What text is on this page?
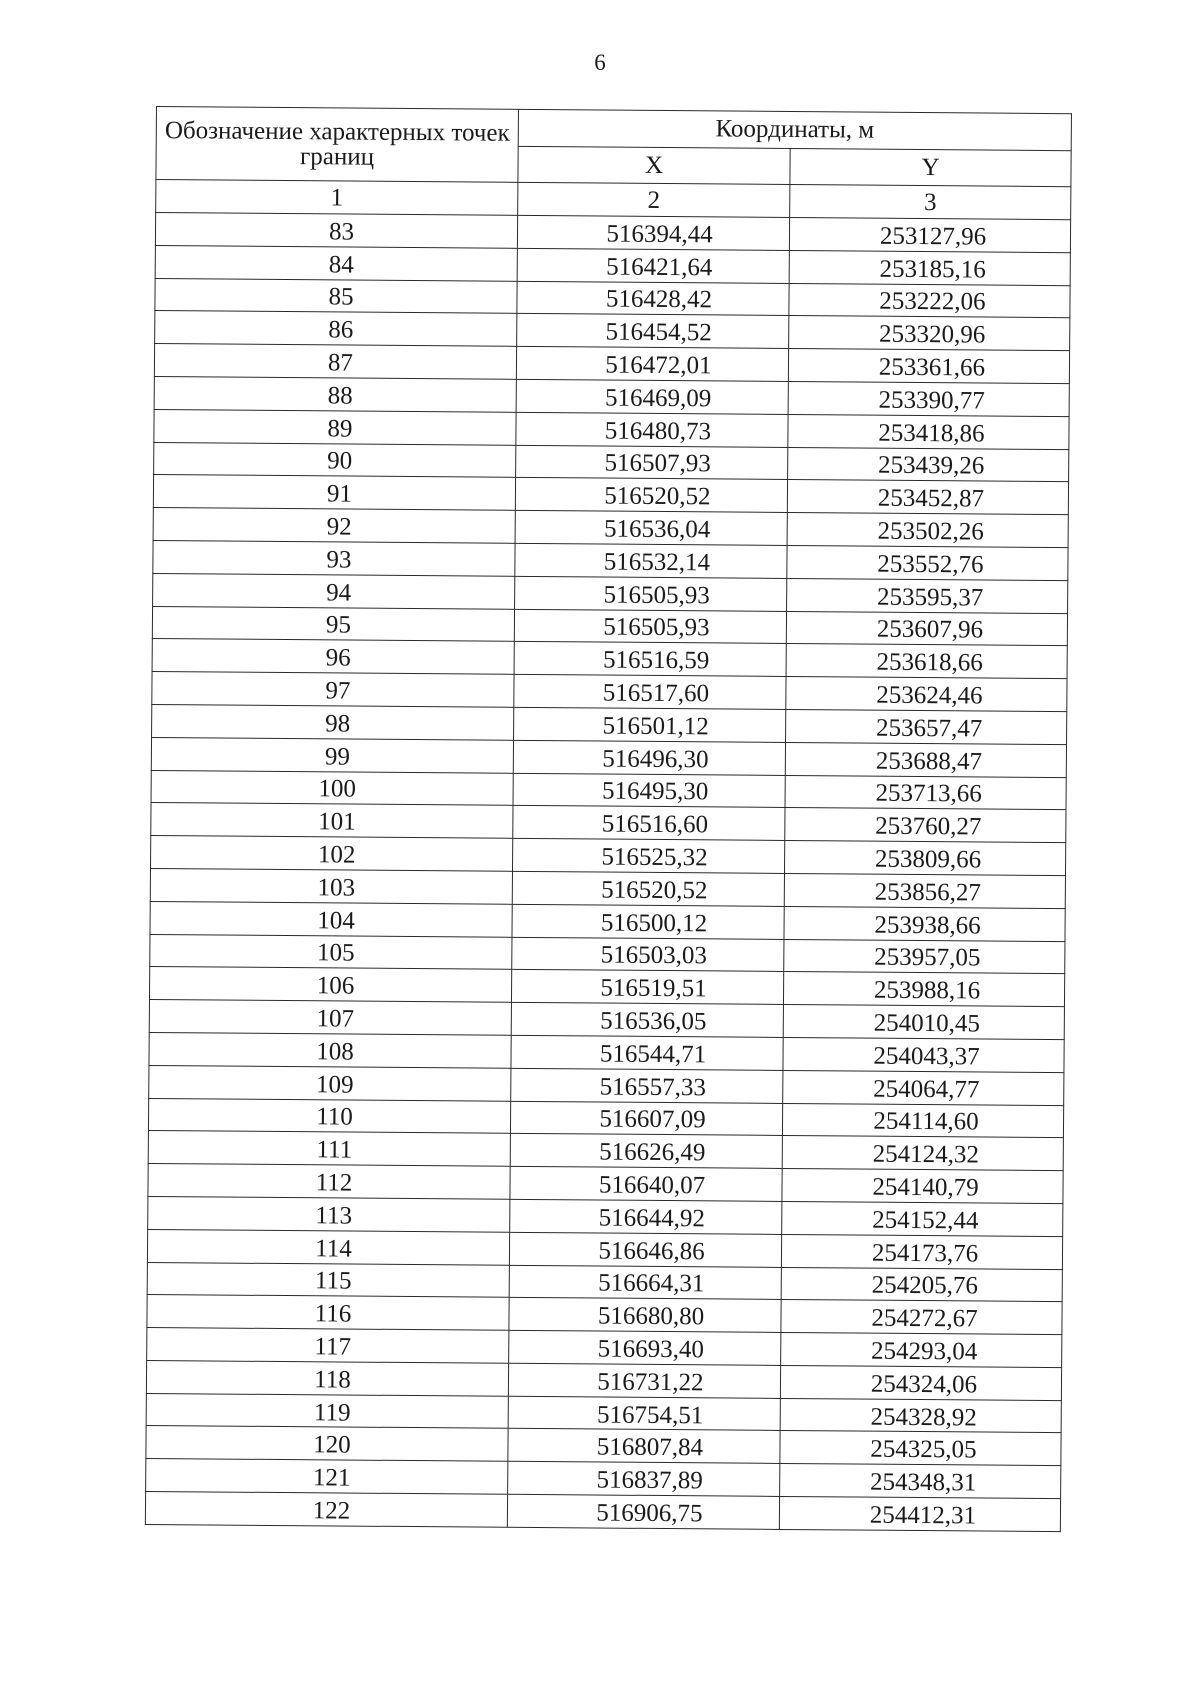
6
Обозначение характерных точек границ	Координаты, м	
	X	Y
1	2	3
83	516394,44	253127,96
84	516421,64	253185,16
85	516428,42	253222,06
86	516454,52	253320,96
87	516472,01	253361,66
88	516469,09	253390,77
89	516480,73	253418,86
90	516507,93	253439,26
91	516520,52	253452,87
92	516536,04	253502,26
93	516532,14	253552,76
94	516505,93	253595,37
95	516505,93	253607,96
96	516516,59	253618,66
97	516517,60	253624,46
98	516501,12	253657,47
99	516496,30	253688,47
100	516495,30	253713,66
101	516516,60	253760,27
102	516525,32	253809,66
103	516520,52	253856,27
104	516500,12	253938,66
105	516503,03	253957,05
106	516519,51	253988,16
107	516536,05	254010,45
108	516544,71	254043,37
109	516557,33	254064,77
110	516607,09	254114,60
111	516626,49	254124,32
112	516640,07	254140,79
113	516644,92	254152,44
114	516646,86	254173,76
115	516664,31	254205,76
116	516680,80	254272,67
117	516693,40	254293,04
118	516731,22	254324,06
119	516754,51	254328,92
120	516807,84	254325,05
121	516837,89	254348,31
122	516906,75	254412,31
